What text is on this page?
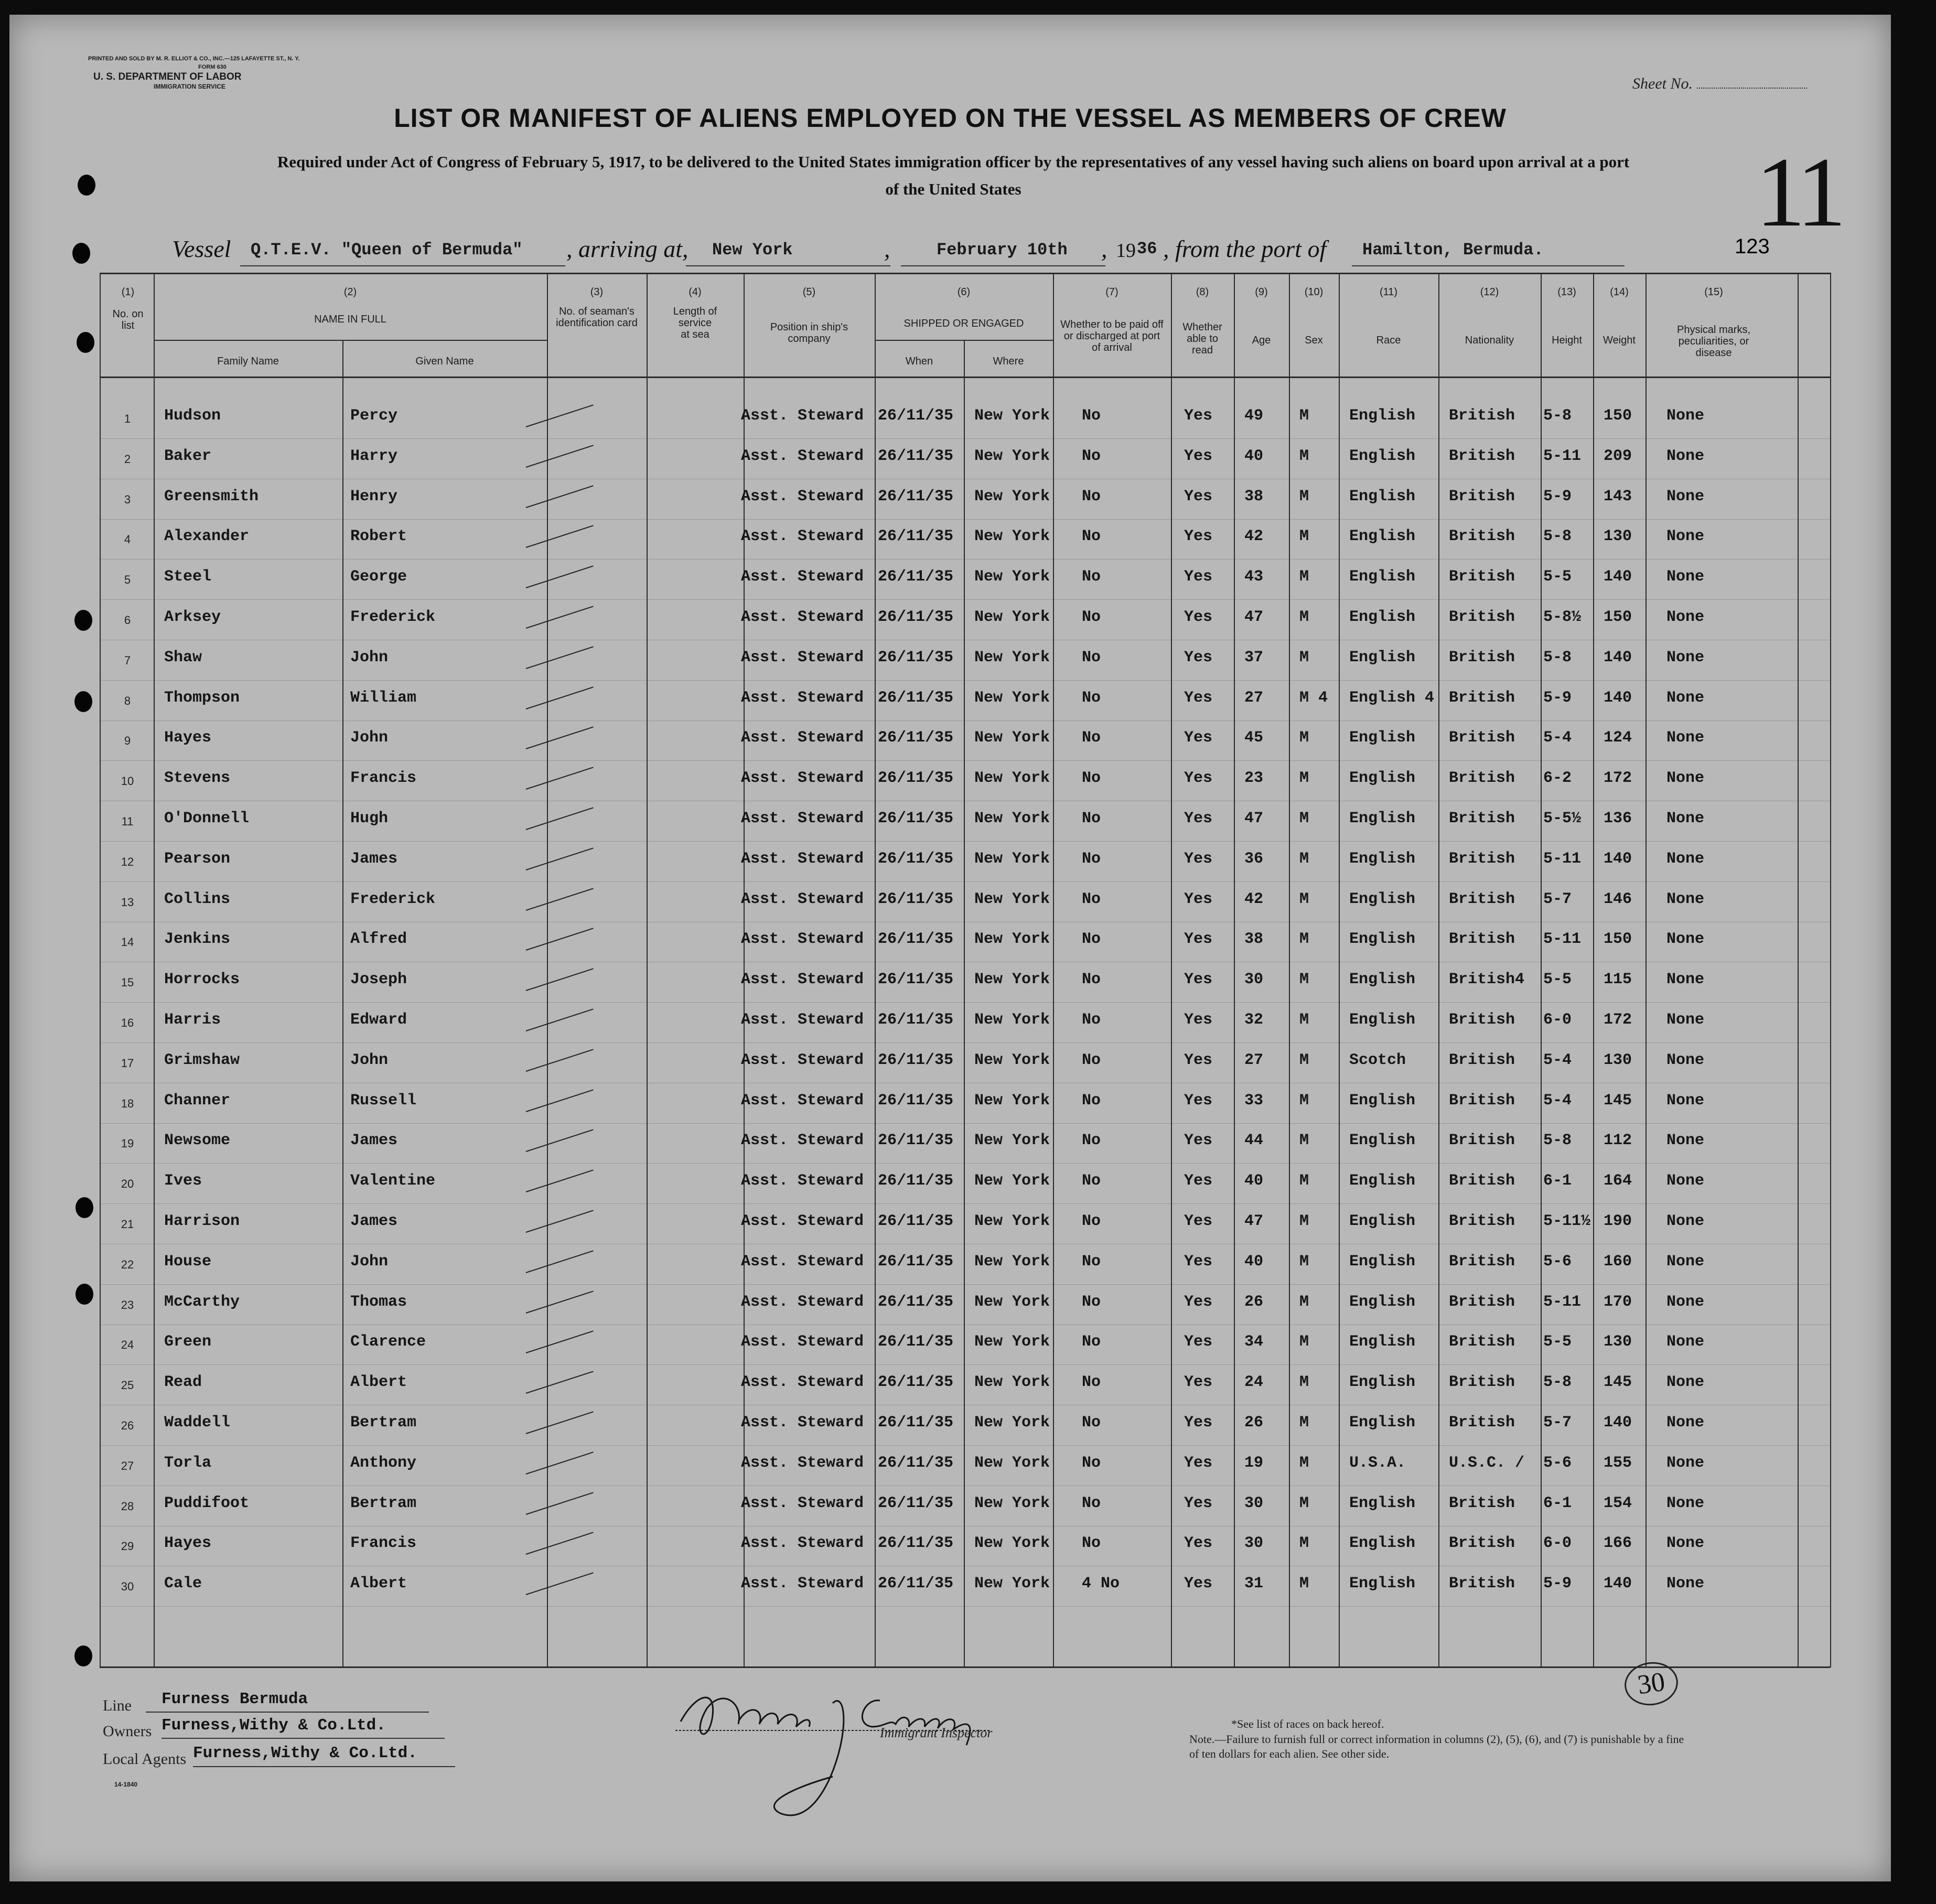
PRINTED AND SOLD BY M. R. ELLIOT & CO., INC.—125 LAFAYETTE ST., N. Y.
FORM 630
U. S. DEPARTMENT OF LABOR
IMMIGRATION SERVICE	Sheet No.
LIST OR MANIFEST OF ALIENS EMPLOYED ON THE VESSEL AS MEMBERS OF CREW
Required under Act of Congress of February 5, 1917, to be delivered to the United States immigration officer by the representatives of any vessel having such aliens on board upon arrival at a port
of the United States	11
Vessel Q.T.E.V. "Queen of Bermuda" , arriving at, New York	,	February 10th , 19 36 , from the port of Hamilton, Bermuda.	123
(1)
No. on list
(2)
NAME IN FULL
Family Name	Given Name
(3)
No. of seaman's identification card
(4)
Length of service at sea
(5)
Position in ship's company
(6)
SHIPPED OR ENGAGED
When	Where
(7)
Whether to be paid off or discharged at port of arrival
(8)
Whether able to read
(9)
Age
(10)
Sex
(11)
Race
(12)
Nationality
(13)
Height
(14)
Weight
(15)
Physical marks, peculiarities, or disease
1	Hudson	Percy	Asst. Steward 26/11/35 New York No	Yes 49 M	English British 5-8 150 None
2	Baker	Harry	Asst. Steward 26/11/35 New York No	Yes 40 M	English British 5-11 209 None
3	Greensmith	Henry	Asst. Steward 26/11/35 New York No	Yes 38 M	English British 5-9 143 None
4	Alexander	Robert	Asst. Steward 26/11/35 New York No	Yes 42 M	English British 5-8 130 None
5	Steel	George	Asst. Steward 26/11/35 New York No	Yes 43 M	English British 5-5 140 None
6	Arksey	Frederick	Asst. Steward 26/11/35 New York No	Yes 47 M	English British 5-8½ 150 None
7	Shaw	John	Asst. Steward 26/11/35 New York No	Yes 37 M	English British 5-8 140 None
8	Thompson	William	Asst. Steward 26/11/35 New York No	Yes 27 M 4 English 4 British 5-9 140 None
9	Hayes	John	Asst. Steward 26/11/35 New York No	Yes 45 M	English British 5-4 124 None
10	Stevens	Francis	Asst. Steward 26/11/35 New York No	Yes 23 M	English British 6-2 172 None
11	O'Donnell	Hugh	Asst. Steward 26/11/35 New York No	Yes 47 M	English British 5-5½ 136 None
12	Pearson	James	Asst. Steward 26/11/35 New York No	Yes 36 M	English British 5-11 140 None
13	Collins	Frederick	Asst. Steward 26/11/35 New York No	Yes 42 M	English British 5-7 146 None
14	Jenkins	Alfred	Asst. Steward 26/11/35 New York No	Yes 38 M	English British 5-11 150 None
15	Horrocks	Joseph	Asst. Steward 26/11/35 New York No	Yes 30 M	English British4 5-5 115 None
16	Harris	Edward	Asst. Steward 26/11/35 New York No	Yes 32 M	English British 6-0 172 None
17	Grimshaw	John	Asst. Steward 26/11/35 New York No	Yes 27 M	Scotch	British 5-4 130 None
18	Channer	Russell	Asst. Steward 26/11/35 New York No	Yes 33 M	English British 5-4 145 None
19	Newsome	James	Asst. Steward 26/11/35 New York No	Yes 44 M	English British 5-8 112 None
20	Ives	Valentine	Asst. Steward 26/11/35 New York No	Yes 40 M	English British 6-1 164 None
21	Harrison	James	Asst. Steward 26/11/35 New York No	Yes 47 M	English British 5-11½ 190 None
22	House	John	Asst. Steward 26/11/35 New York No	Yes 40 M	English British 5-6 160 None
23	McCarthy	Thomas	Asst. Steward 26/11/35 New York No	Yes 26 M	English British 5-11 170 None
24	Green	Clarence	Asst. Steward 26/11/35 New York No	Yes 34 M	English British 5-5 130 None
25	Read	Albert	Asst. Steward 26/11/35 New York No	Yes 24 M	English British 5-8 145 None
26	Waddell	Bertram	Asst. Steward 26/11/35 New York No	Yes 26 M	English British 5-7 140 None
27	Torla	Anthony	Asst. Steward 26/11/35 New York No	Yes 19 M	U.S.A.	U.S.C. / 5-6 155 None
28	Puddifoot	Bertram	Asst. Steward 26/11/35 New York No	Yes 30 M	English British 6-1 154 None
29	Hayes	Francis	Asst. Steward 26/11/35 New York No	Yes 30 M	English British 6-0 166 None
30	Cale	Albert	Asst. Steward 26/11/35 New York 4 No	Yes 31 M	English British 5-9 140 None
Line Furness Bermuda
Owners Furness,Withy & Co.Ltd.
Local Agents Furness,Withy & Co.Ltd.
14-1840
Immigrant Inspector
30
*See list of races on back hereof.
Note.—Failure to furnish full or correct information in columns (2), (5), (6), and (7) is punishable by a fine of ten dollars for each alien. See other side.
